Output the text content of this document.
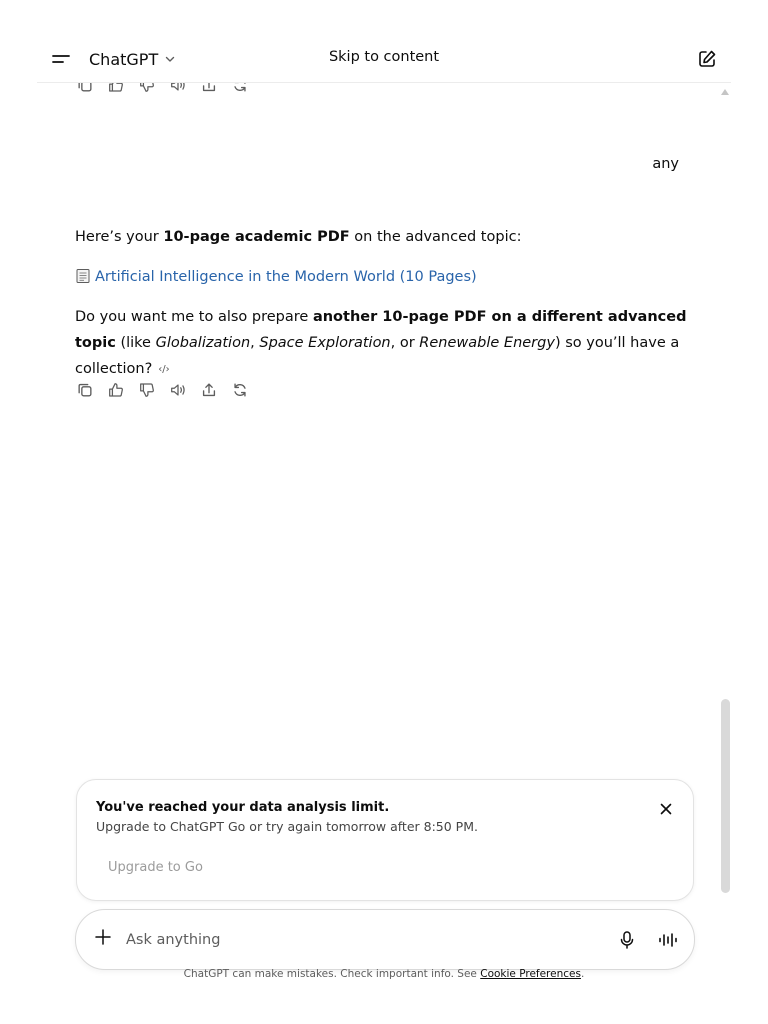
ChatGPT	Skip to content
any

Here’s your 10-page academic PDF on the advanced topic:

Artificial Intelligence in the Modern World (10 Pages)

Do you want me to also prepare another 10-page PDF on a different advanced topic (like Globalization, Space Exploration, or Renewable Energy) so you’ll have a collection? ‹/›

You've reached your data analysis limit.
Upgrade to ChatGPT Go or try again tomorrow after 8:50 PM.
Upgrade to Go
Ask anything
ChatGPT can make mistakes. Check important info. See Cookie Preferences.
